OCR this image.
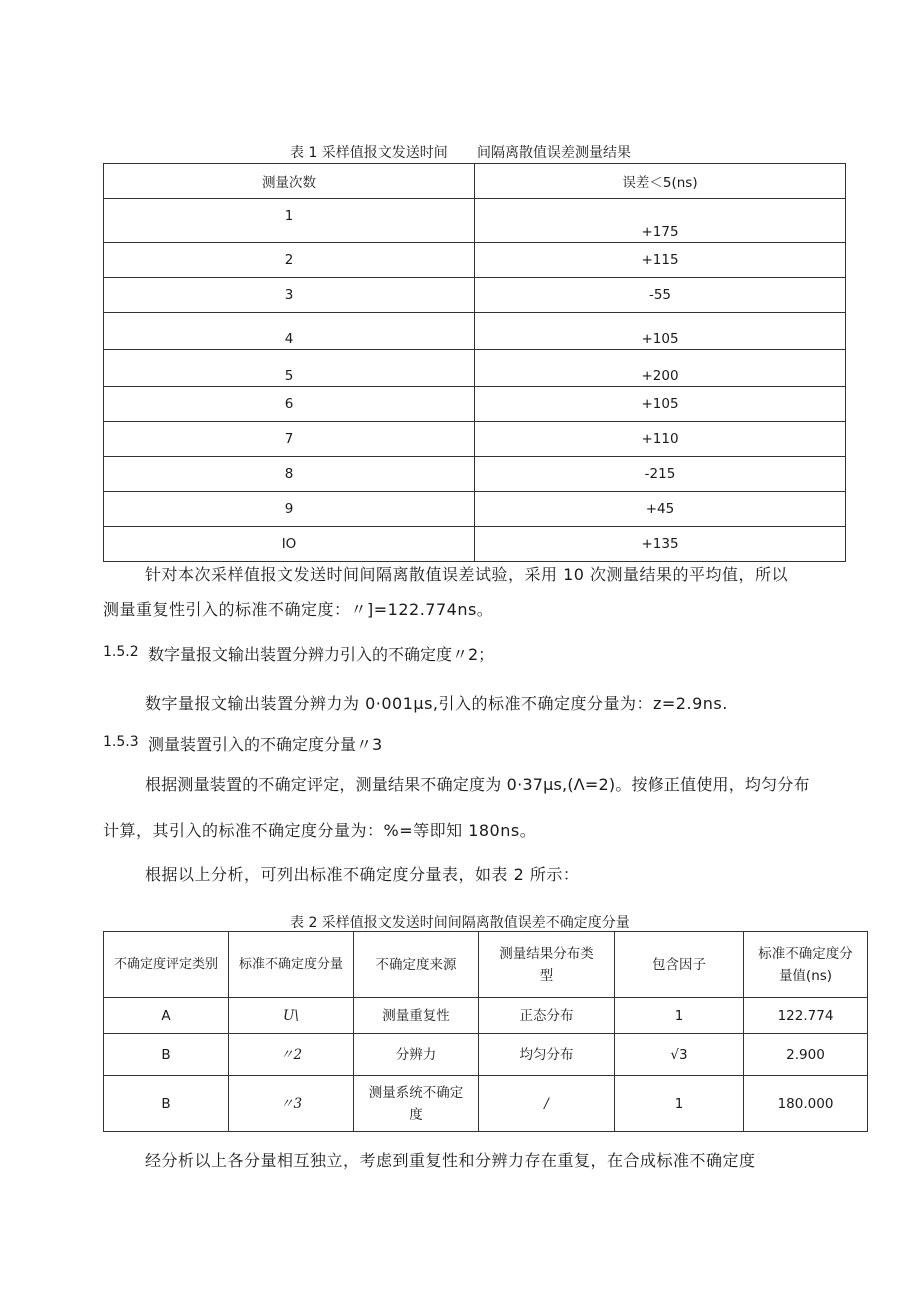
表 1 采样值报文发送时间 间隔离散值误差测量结果
测量次数	误差＜5(ns)
1	+175
2	+115
3	-55
4	+105
5	+200
6	+105
7	+110
8	-215
9	+45
IO	+135
针对本次采样值报文发送时间间隔离散值误差试验，采用 10 次测量结果的平均值，所以
测量重复性引入的标准不确定度：〃]=122.774ns。
1.5.2 数字量报文输出装置分辨力引入的不确定度〃2；
数字量报文输出装置分辨力为 0·001μs,引入的标准不确定度分量为：z=2.9ns.
1.5.3 测量装置引入的不确定度分量〃3
根据测量装置的不确定评定，测量结果不确定度为 0·37μs,(Λ=2)。按修正值使用，均匀分布
计算，其引入的标准不确定度分量为：%=等即知 180ns。
根据以上分析，可列出标准不确定度分量表，如表 2 所示：
表 2 采样值报文发送时间间隔离散值误差不确定度分量
不确定度评定类别	标准不确定度分量	不确定度来源	测量结果分布类型	包含因子	标准不确定度分量值(ns)
A	U\	测量重复性	正态分布	1	122.774
B	〃2	分辨力	均匀分布	√3	2.900
B	〃3	测量系统不确定度	/	1	180.000
经分析以上各分量相互独立，考虑到重复性和分辨力存在重复，在合成标准不确定度
